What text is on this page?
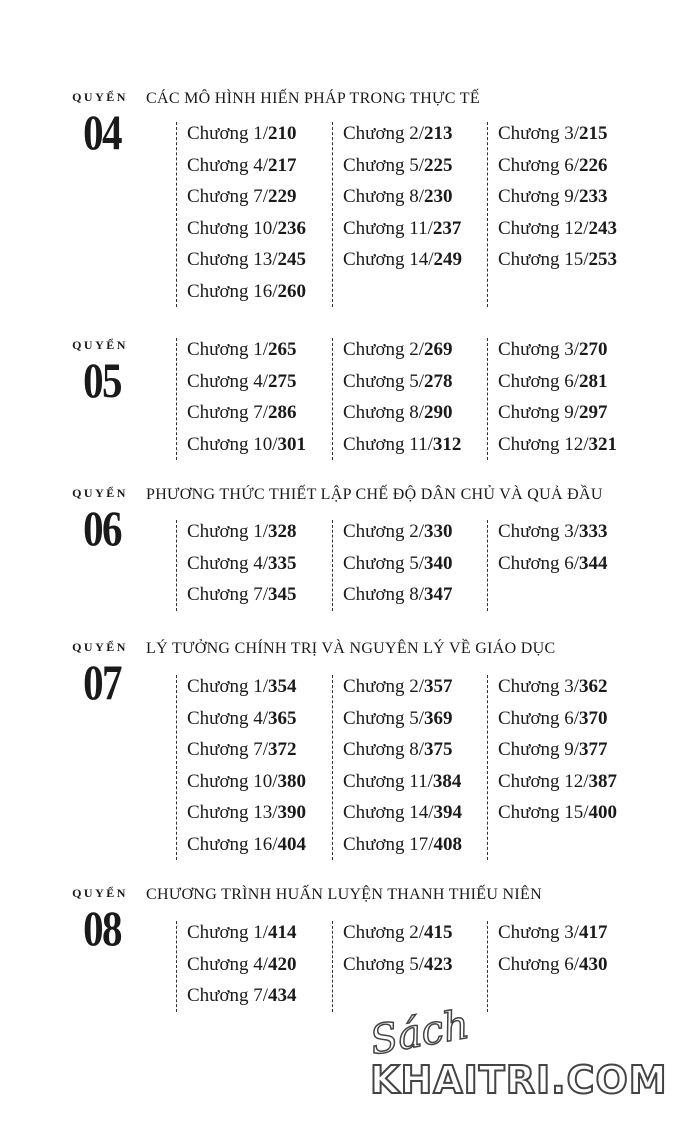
QUYỂN
04
CÁC MÔ HÌNH HIẾN PHÁP TRONG THỰC TẾ
Chương 1/210
Chương 4/217
Chương 7/229
Chương 10/236
Chương 13/245
Chương 16/260
Chương 2/213
Chương 5/225
Chương 8/230
Chương 11/237
Chương 14/249
Chương 3/215
Chương 6/226
Chương 9/233
Chương 12/243
Chương 15/253
QUYỂN
05
Chương 1/265
Chương 4/275
Chương 7/286
Chương 10/301
Chương 2/269
Chương 5/278
Chương 8/290
Chương 11/312
Chương 3/270
Chương 6/281
Chương 9/297
Chương 12/321
QUYỂN
06
PHƯƠNG THỨC THIẾT LẬP CHẾ ĐỘ DÂN CHỦ VÀ QUẢ ĐẦU
Chương 1/328
Chương 4/335
Chương 7/345
Chương 2/330
Chương 5/340
Chương 8/347
Chương 3/333
Chương 6/344
QUYỂN
07
LÝ TƯỞNG CHÍNH TRỊ VÀ NGUYÊN LÝ VỀ GIÁO DỤC
Chương 1/354
Chương 4/365
Chương 7/372
Chương 10/380
Chương 13/390
Chương 16/404
Chương 2/357
Chương 5/369
Chương 8/375
Chương 11/384
Chương 14/394
Chương 17/408
Chương 3/362
Chương 6/370
Chương 9/377
Chương 12/387
Chương 15/400
QUYỂN
08
CHƯƠNG TRÌNH HUẤN LUYỆN THANH THIẾU NIÊN
Chương 1/414
Chương 4/420
Chương 7/434
Chương 2/415
Chương 5/423
Chương 3/417
Chương 6/430
Sách
KHAITRI.COM
